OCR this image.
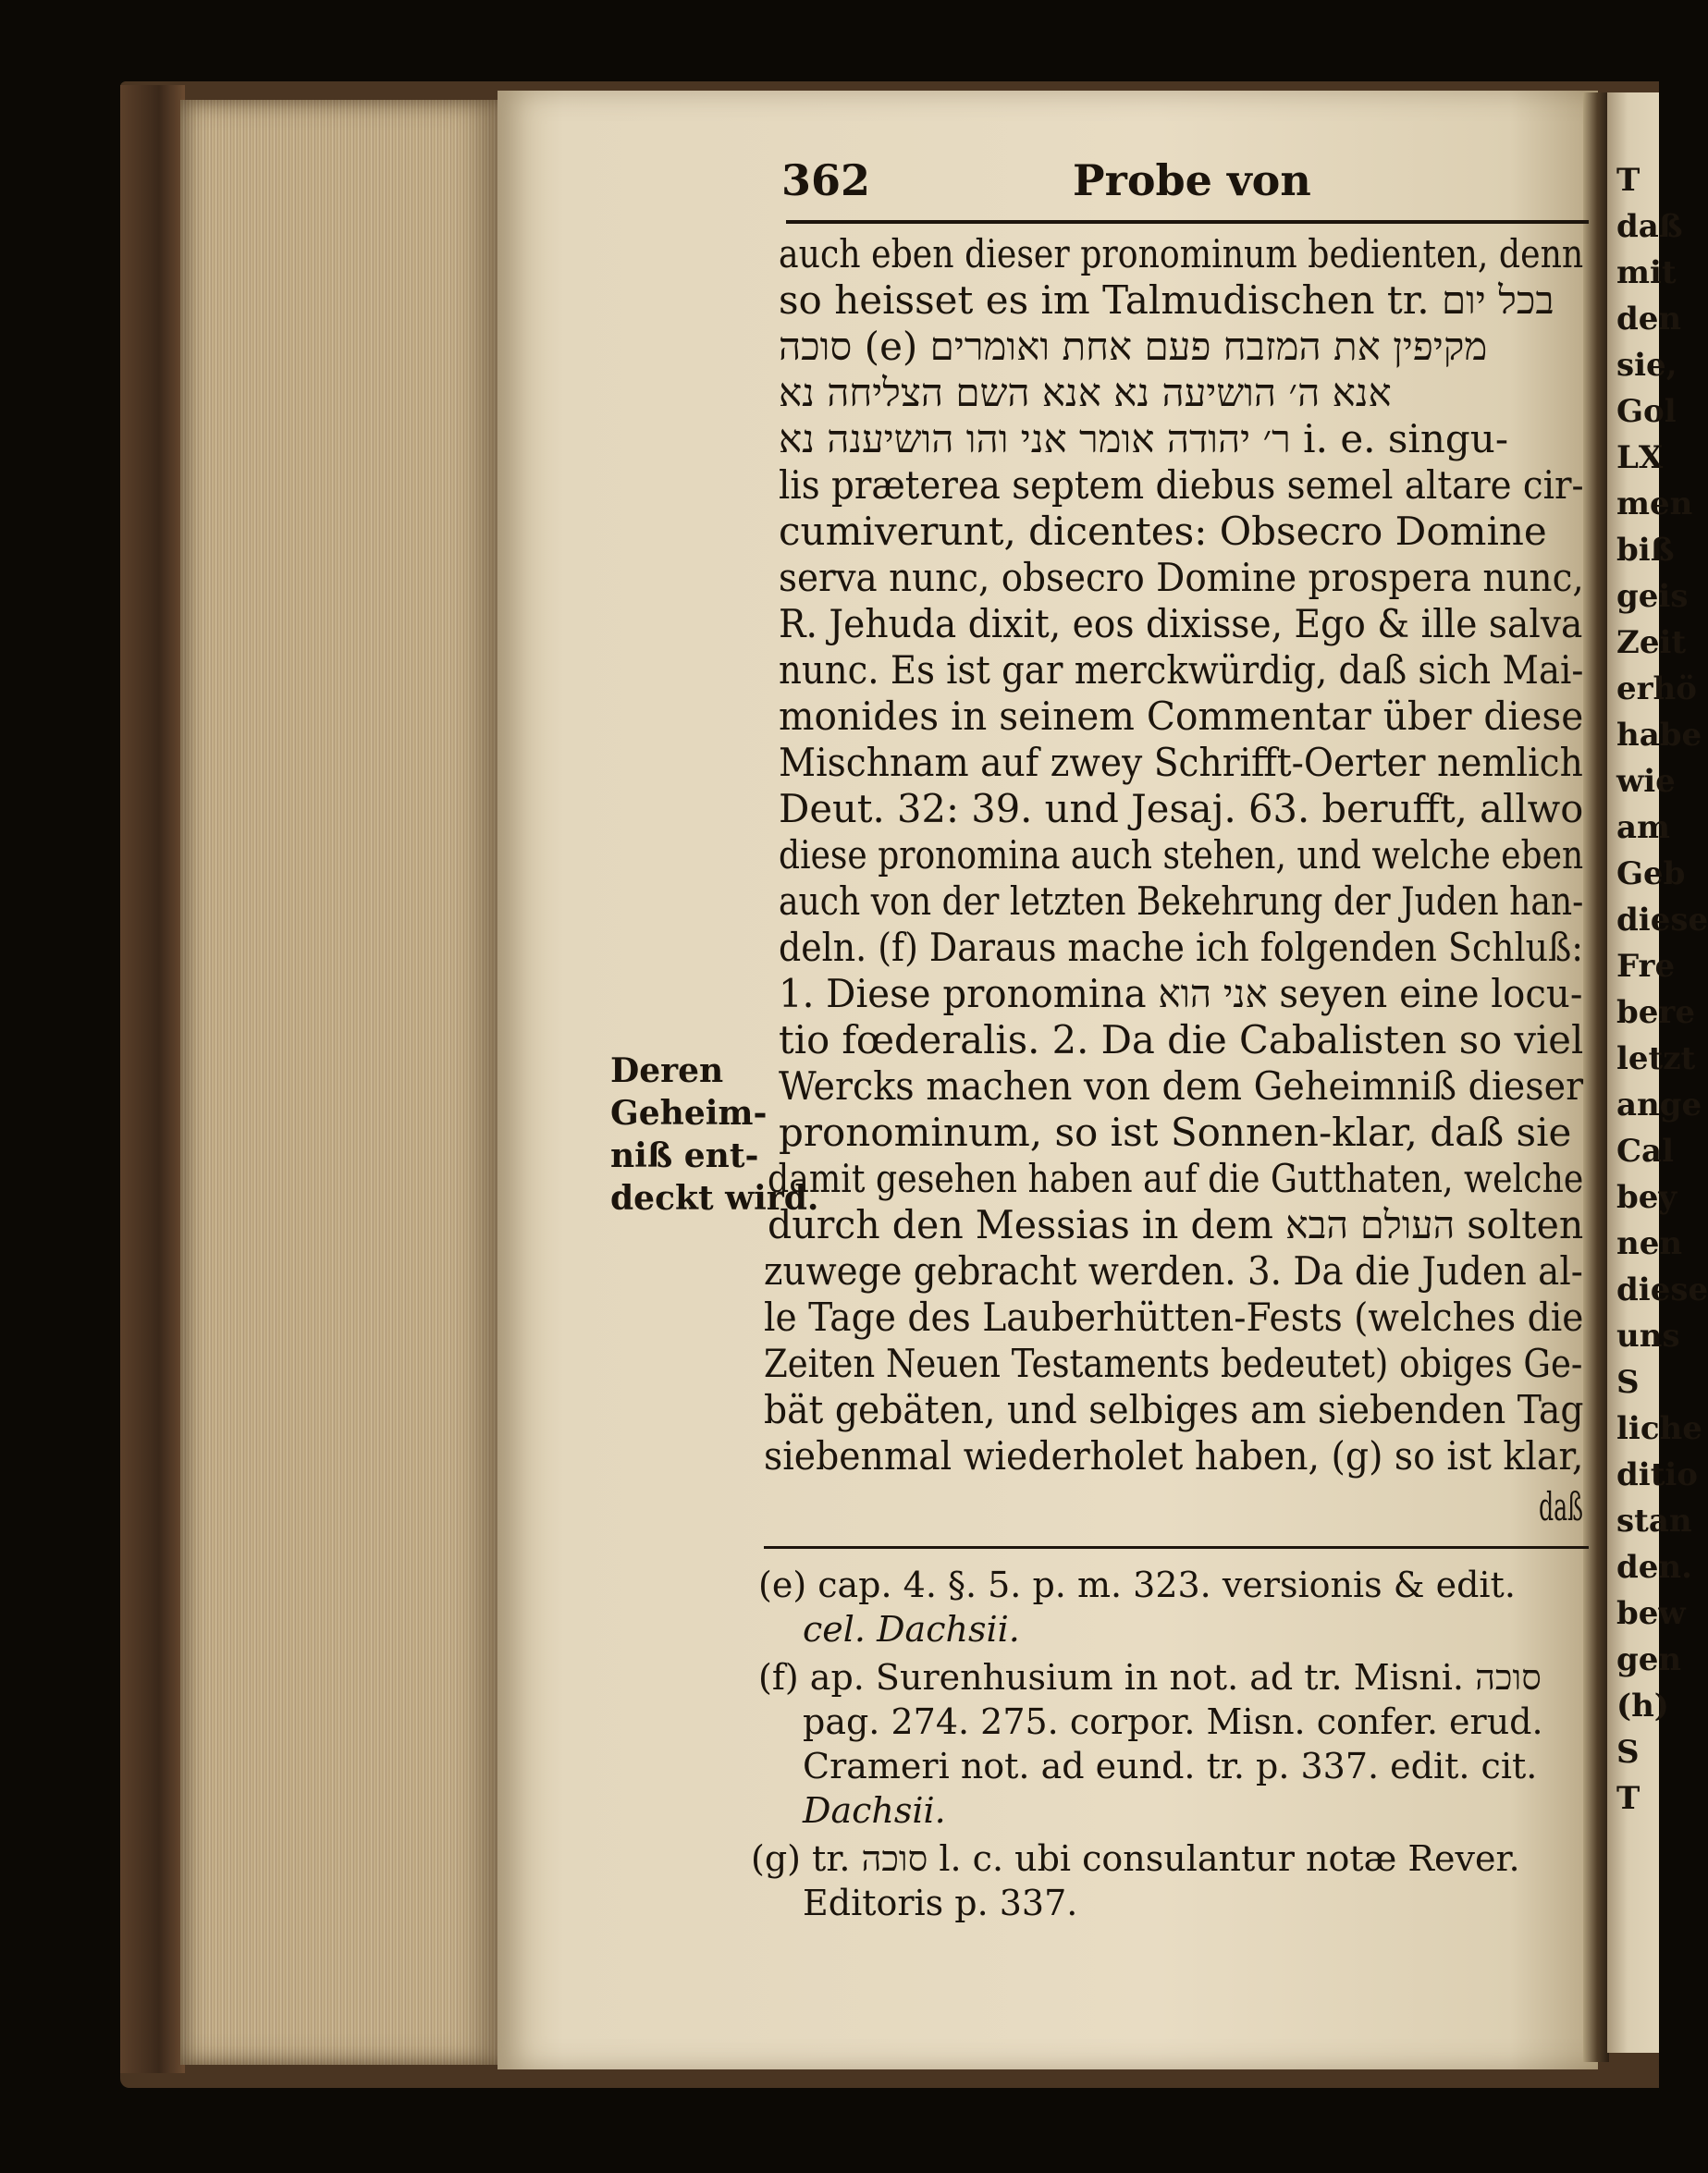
362	Probe von
auch eben dieser pronominum bedienten, denn
so heisset es im Talmudischen tr. בכל יום
סוכה (e) מקיפין את המזבח פעם אחת ואומרים
אנא ה׳ הושיעה נא אנא השם הצליחה נא
ר׳ יהודה אומר אני והו הושיענה נא i. e. singu-
lis præterea septem diebus semel altare cir-
cumiverunt, dicentes: Obsecro Domine
serva nunc, obsecro Domine prospera nunc,
R. Jehuda dixit, eos dixisse, Ego & ille salva
nunc. Es ist gar merckwürdig, daß sich Mai-
monides in seinem Commentar über diese
Mischnam auf zwey Schrifft-Oerter nemlich
Deut. 32: 39. und Jesaj. 63. berufft, allwo
diese pronomina auch stehen, und welche eben
auch von der letzten Bekehrung der Juden han-
deln. (f) Daraus mache ich folgenden Schluß:
1. Diese pronomina אני הוא seyen eine locu-
tio fœderalis. 2. Da die Cabalisten so viel
Wercks machen von dem Geheimniß dieser
pronominum, so ist Sonnen-klar, daß sie
damit gesehen haben auf die Gutthaten, welche
durch den Messias in dem העולם הבא solten
zuwege gebracht werden. 3. Da die Juden al-
le Tage des Lauberhütten-Fests (welches die
Zeiten Neuen Testaments bedeutet) obiges Ge-
bät gebäten, und selbiges am siebenden Tag
siebenmal wiederholet haben, (g) so ist klar,
daß
Deren
Geheim-
niß ent-
deckt wird.
(e) cap. 4. §. 5. p. m. 323. versionis & edit.
cel. Dachsii.
(f) ap. Surenhusium in not. ad tr. Misni. סוכה
pag. 274. 275. corpor. Misn. confer. erud.
Crameri not. ad eund. tr. p. 337. edit. cit.
Dachsii.
(g) tr. סוכה l. c. ubi consulantur notæ Rever.
Editoris p. 337.
T
daß
mit
den
sie,
Gol
LX
men
biß
geis
Zeit
erhö
habe
wie
am
Geb
diese
Fre
bere
letzt
ange
Cal
bey
nen
diese
uns
S
liche
ditio
stan
den.
bew
gen
(h)
S
T
